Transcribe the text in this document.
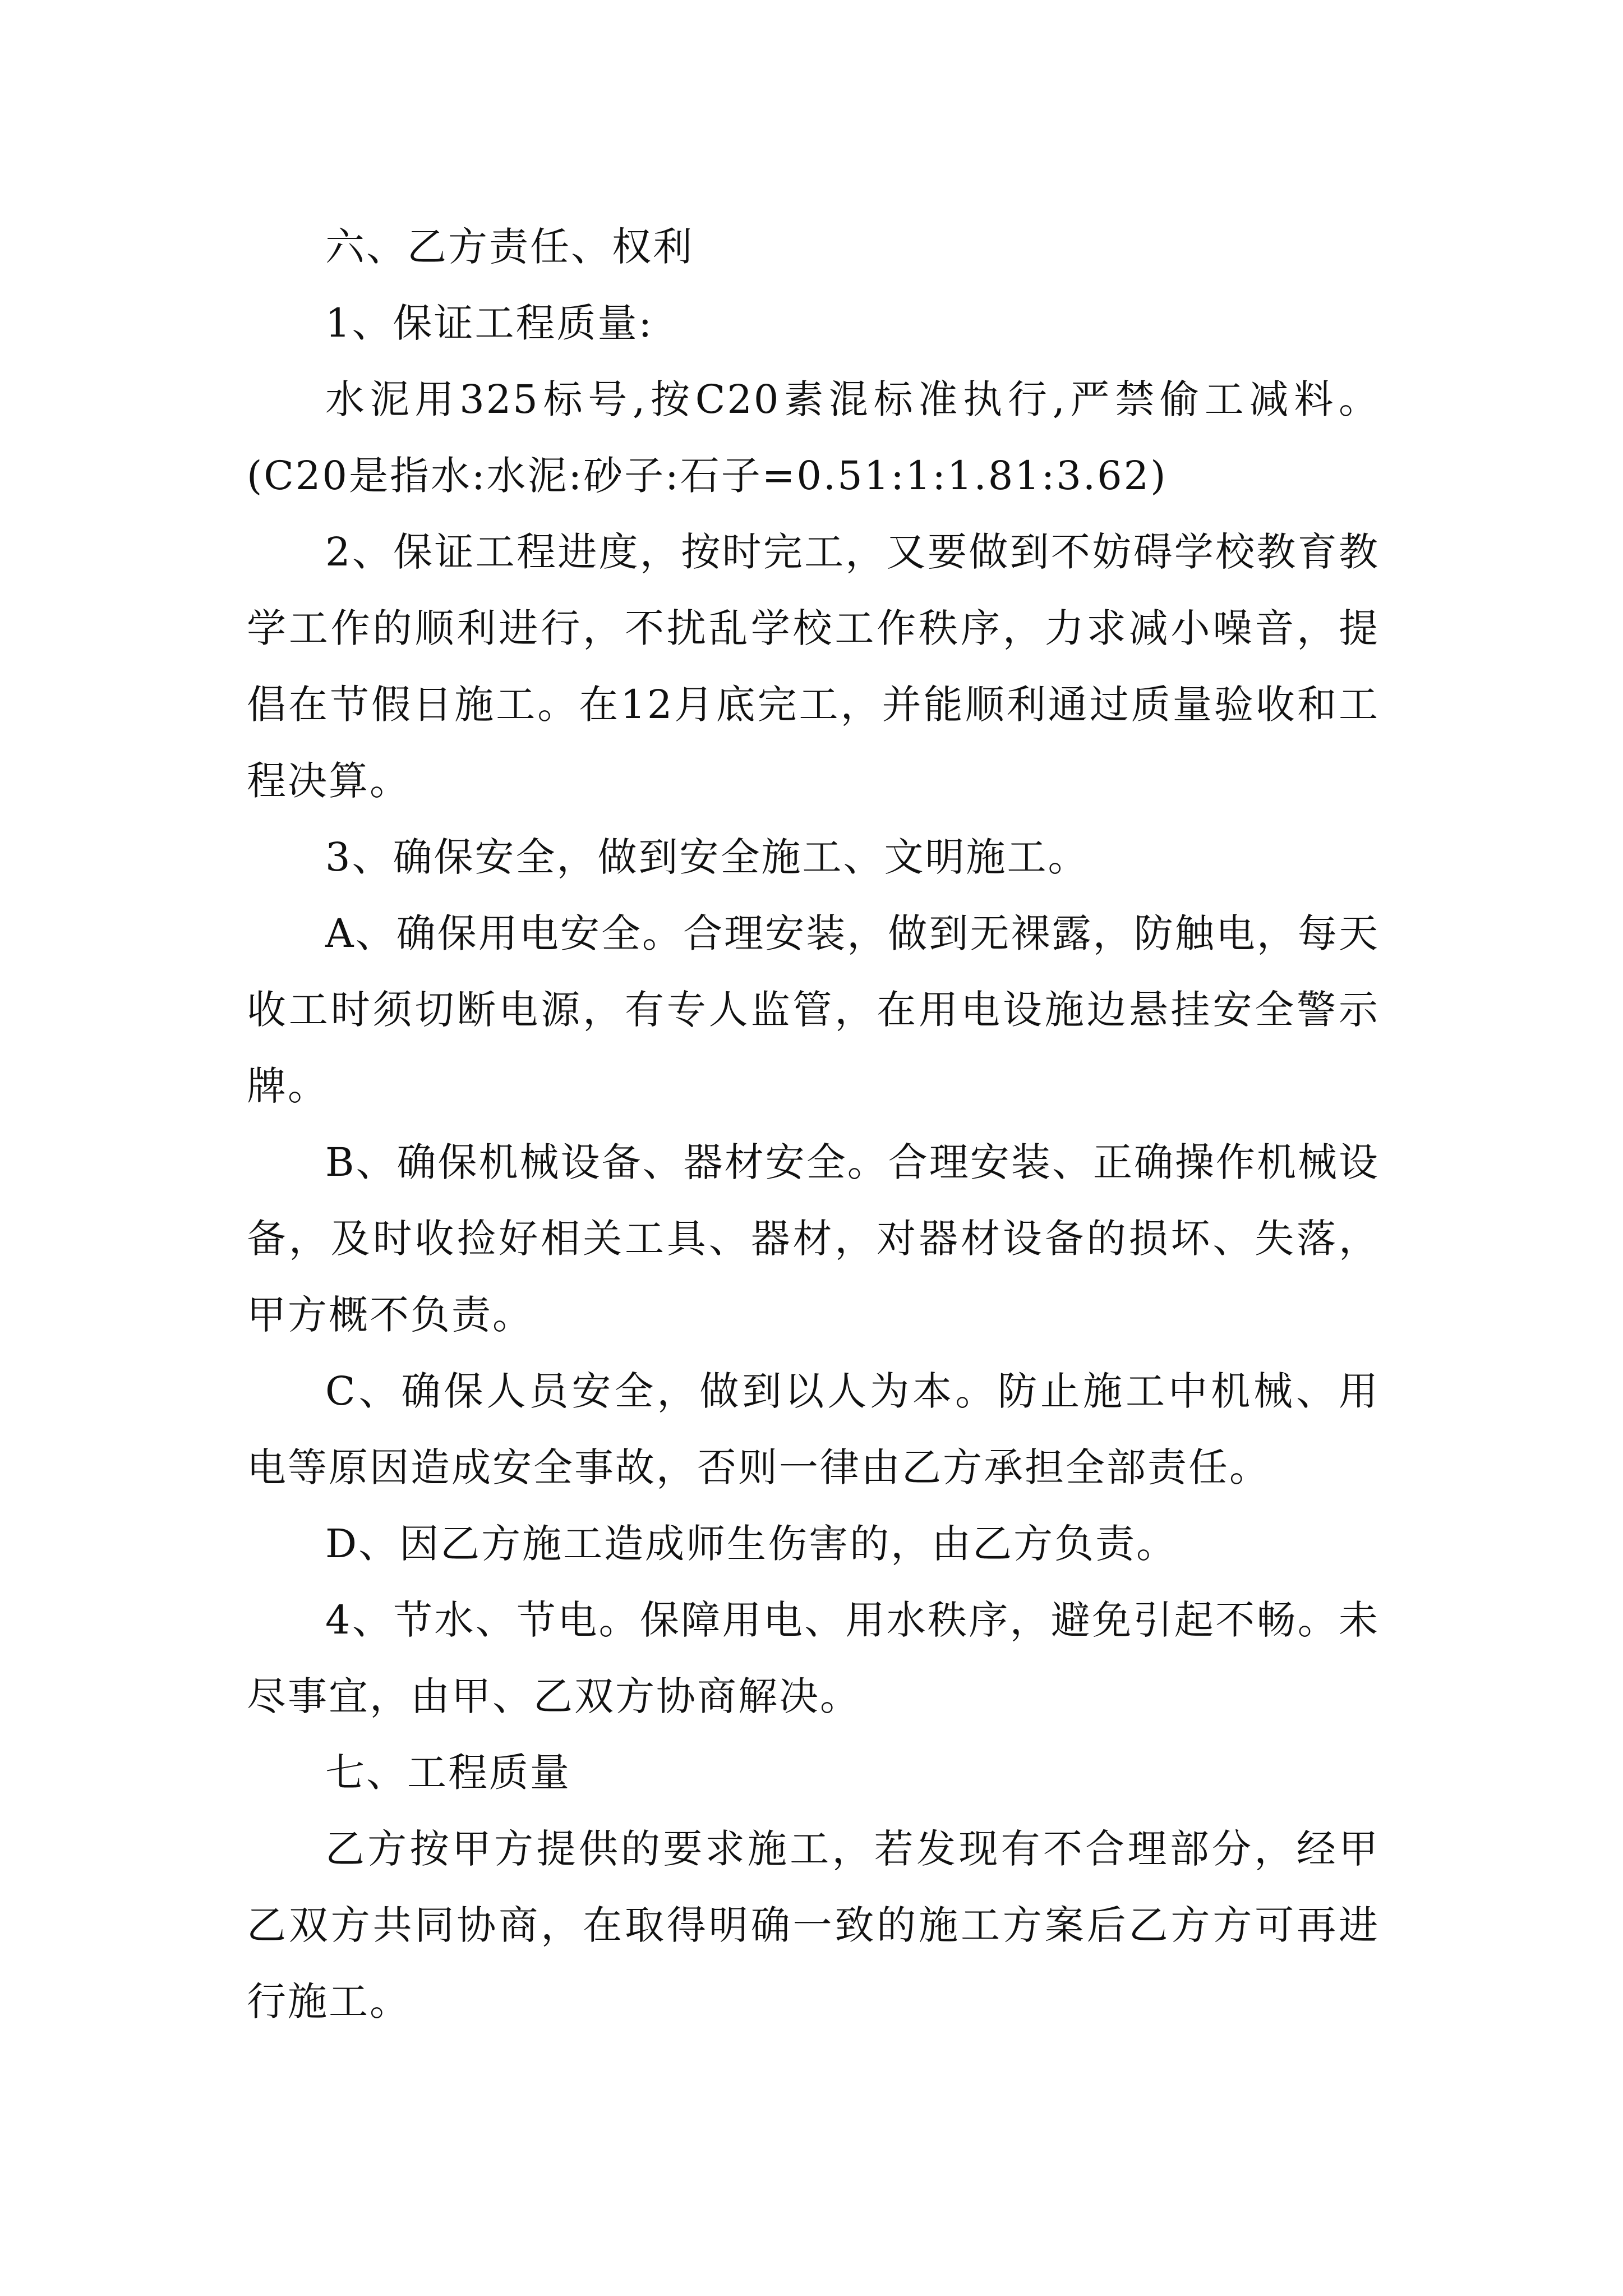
六、乙方责任、权利

1、保证工程质量:

水泥用325标号,按C20素混标准执行,严禁偷工减料。(C20是指水:水泥:砂子:石子=0.51:1:1.81:3.62)

2、保证工程进度，按时完工，又要做到不妨碍学校教育教学工作的顺利进行，不扰乱学校工作秩序，力求减小噪音，提倡在节假日施工。在12月底完工，并能顺利通过质量验收和工程决算。

3、确保安全，做到安全施工、文明施工。

A、确保用电安全。合理安装，做到无裸露，防触电，每天收工时须切断电源，有专人监管，在用电设施边悬挂安全警示牌。

B、确保机械设备、器材安全。合理安装、正确操作机械设备，及时收捡好相关工具、器材，对器材设备的损坏、失落，甲方概不负责。

C、确保人员安全，做到以人为本。防止施工中机械、用电等原因造成安全事故，否则一律由乙方承担全部责任。

D、因乙方施工造成师生伤害的，由乙方负责。

4、节水、节电。保障用电、用水秩序，避免引起不畅。未尽事宜，由甲、乙双方协商解决。

七、工程质量

乙方按甲方提供的要求施工，若发现有不合理部分，经甲乙双方共同协商，在取得明确一致的施工方案后乙方方可再进行施工。
